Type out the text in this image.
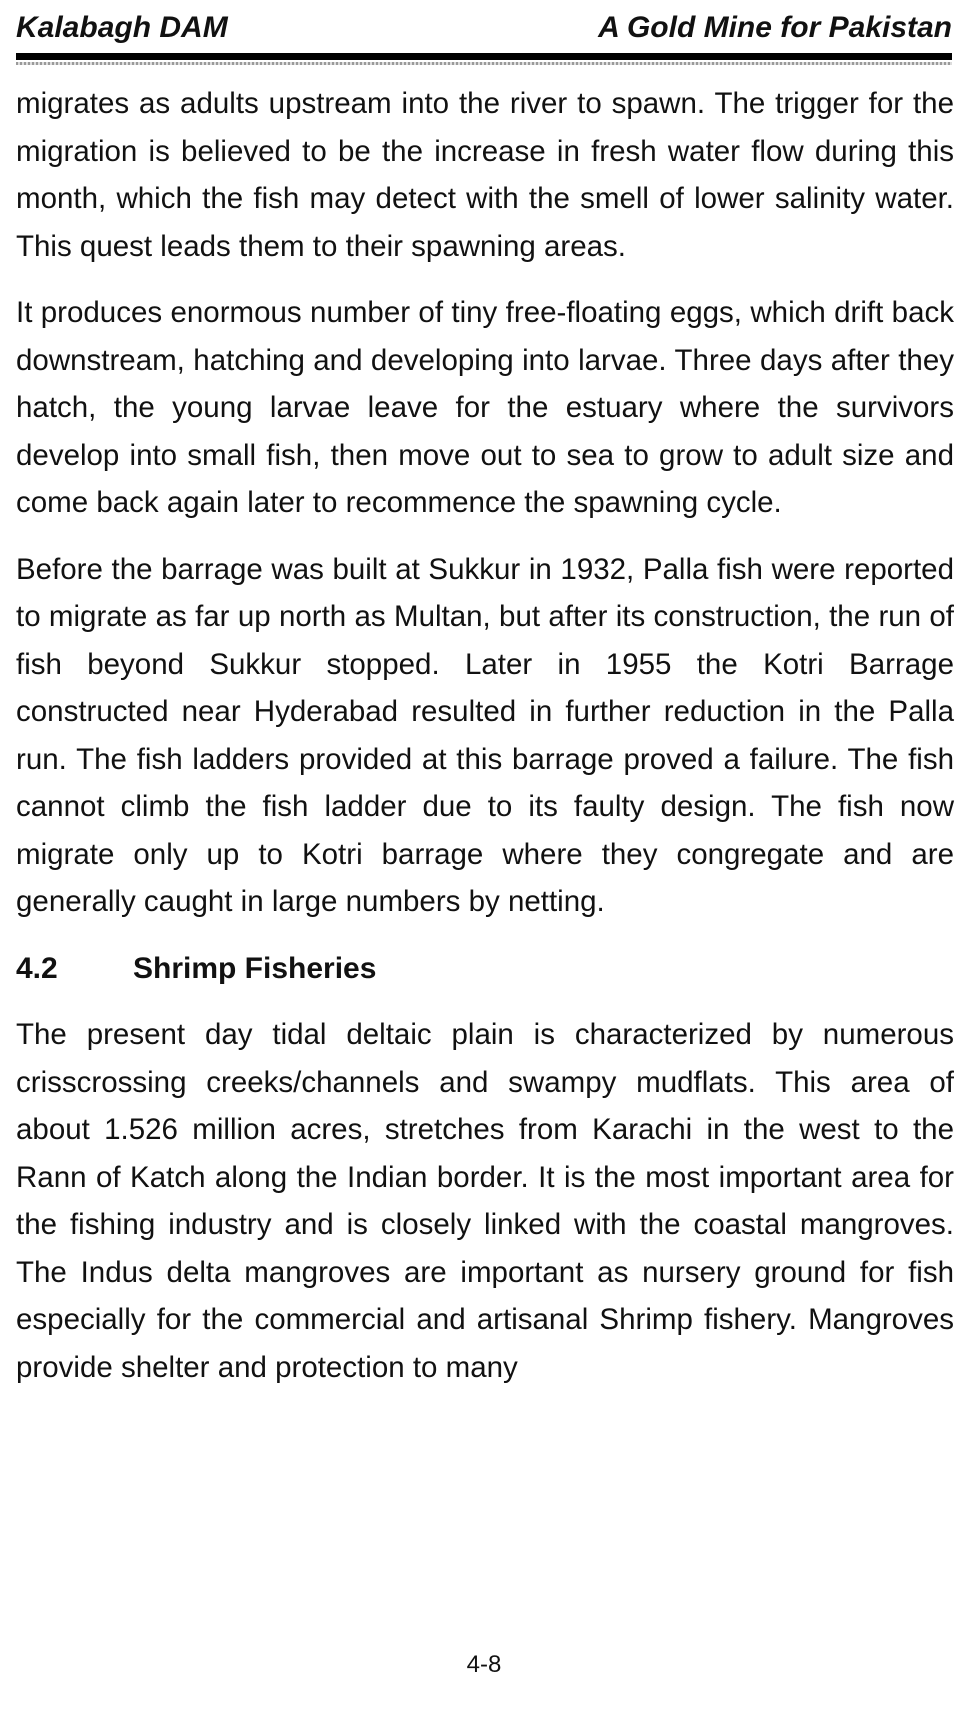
Kalabagh DAM	A Gold Mine for Pakistan

migrates as adults upstream into the river to spawn. The trigger for the migration is believed to be the increase in fresh water flow during this month, which the fish may detect with the smell of lower salinity water. This quest leads them to their spawning areas.

It produces enormous number of tiny free-floating eggs, which drift back downstream, hatching and developing into larvae. Three days after they hatch, the young larvae leave for the estuary where the survivors develop into small fish, then move out to sea to grow to adult size and come back again later to recommence the spawning cycle.

Before the barrage was built at Sukkur in 1932, Palla fish were reported to migrate as far up north as Multan, but after its construction, the run of fish beyond Sukkur stopped. Later in 1955 the Kotri Barrage constructed near Hyderabad resulted in further reduction in the Palla run. The fish ladders provided at this barrage proved a failure. The fish cannot climb the fish ladder due to its faulty design. The fish now migrate only up to Kotri barrage where they congregate and are generally caught in large numbers by netting.

4.2	Shrimp Fisheries

The present day tidal deltaic plain is characterized by numerous crisscrossing creeks/channels and swampy mudflats. This area of about 1.526 million acres, stretches from Karachi in the west to the Rann of Katch along the Indian border. It is the most important area for the fishing industry and is closely linked with the coastal mangroves. The Indus delta mangroves are important as nursery ground for fish especially for the commercial and artisanal Shrimp fishery. Mangroves provide shelter and protection to many

4-8
